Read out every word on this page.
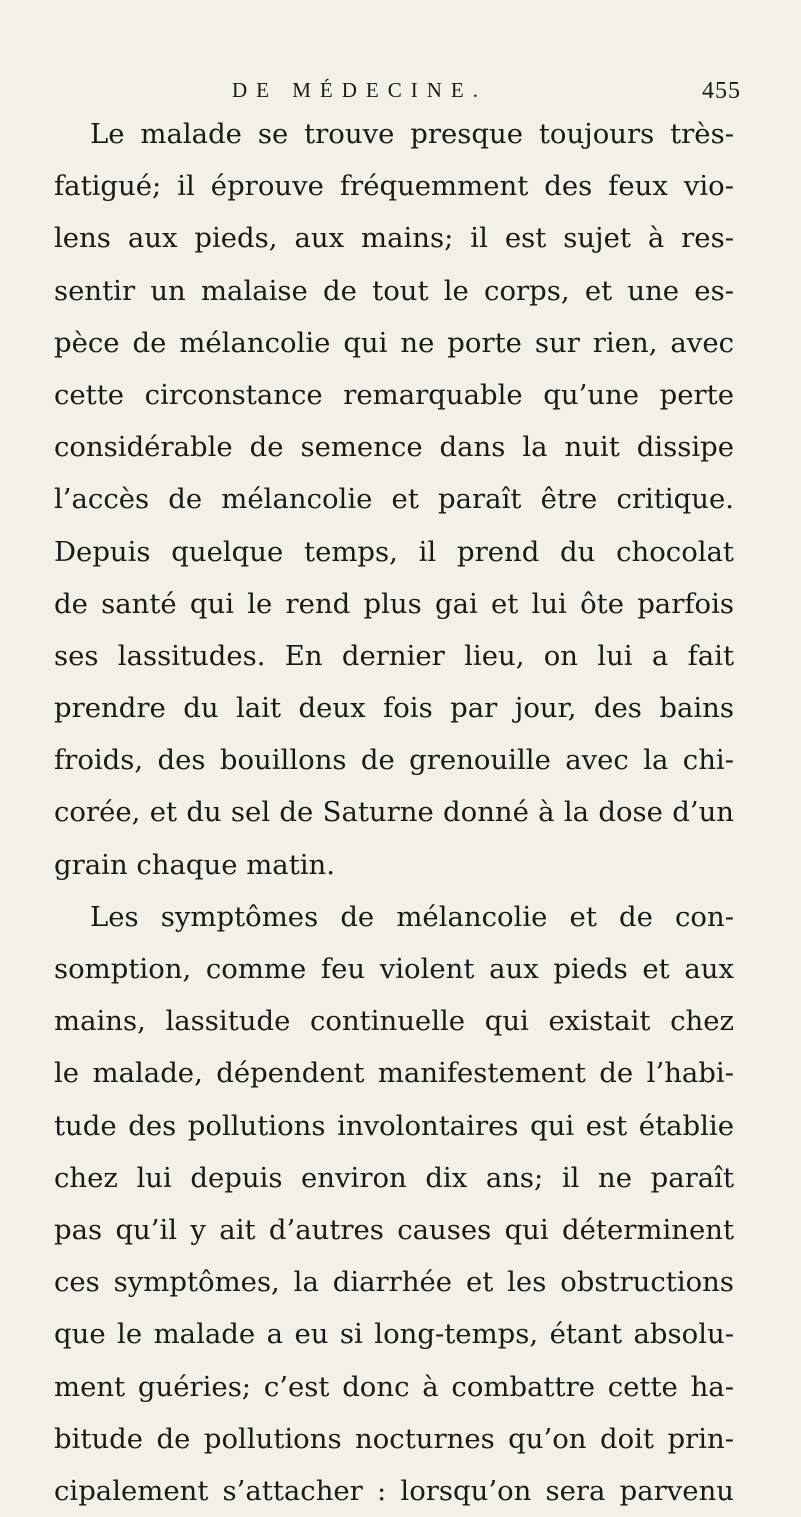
DE MÉDECINE.	455
Le malade se trouve presque toujours très-
fatigué; il éprouve fréquemment des feux vio-
lens aux pieds, aux mains; il est sujet à res-
sentir un malaise de tout le corps, et une es-
pèce de mélancolie qui ne porte sur rien, avec
cette circonstance remarquable qu’une perte
considérable de semence dans la nuit dissipe
l’accès de mélancolie et paraît être critique.
Depuis quelque temps, il prend du chocolat
de santé qui le rend plus gai et lui ôte parfois
ses lassitudes. En dernier lieu, on lui a fait
prendre du lait deux fois par jour, des bains
froids, des bouillons de grenouille avec la chi-
corée, et du sel de Saturne donné à la dose d’un
grain chaque matin.
Les symptômes de mélancolie et de con-
somption, comme feu violent aux pieds et aux
mains, lassitude continuelle qui existait chez
le malade, dépendent manifestement de l’habi-
tude des pollutions involontaires qui est établie
chez lui depuis environ dix ans; il ne paraît
pas qu’il y ait d’autres causes qui déterminent
ces symptômes, la diarrhée et les obstructions
que le malade a eu si long-temps, étant absolu-
ment guéries; c’est donc à combattre cette ha-
bitude de pollutions nocturnes qu’on doit prin-
cipalement s’attacher : lorsqu’on sera parvenu
